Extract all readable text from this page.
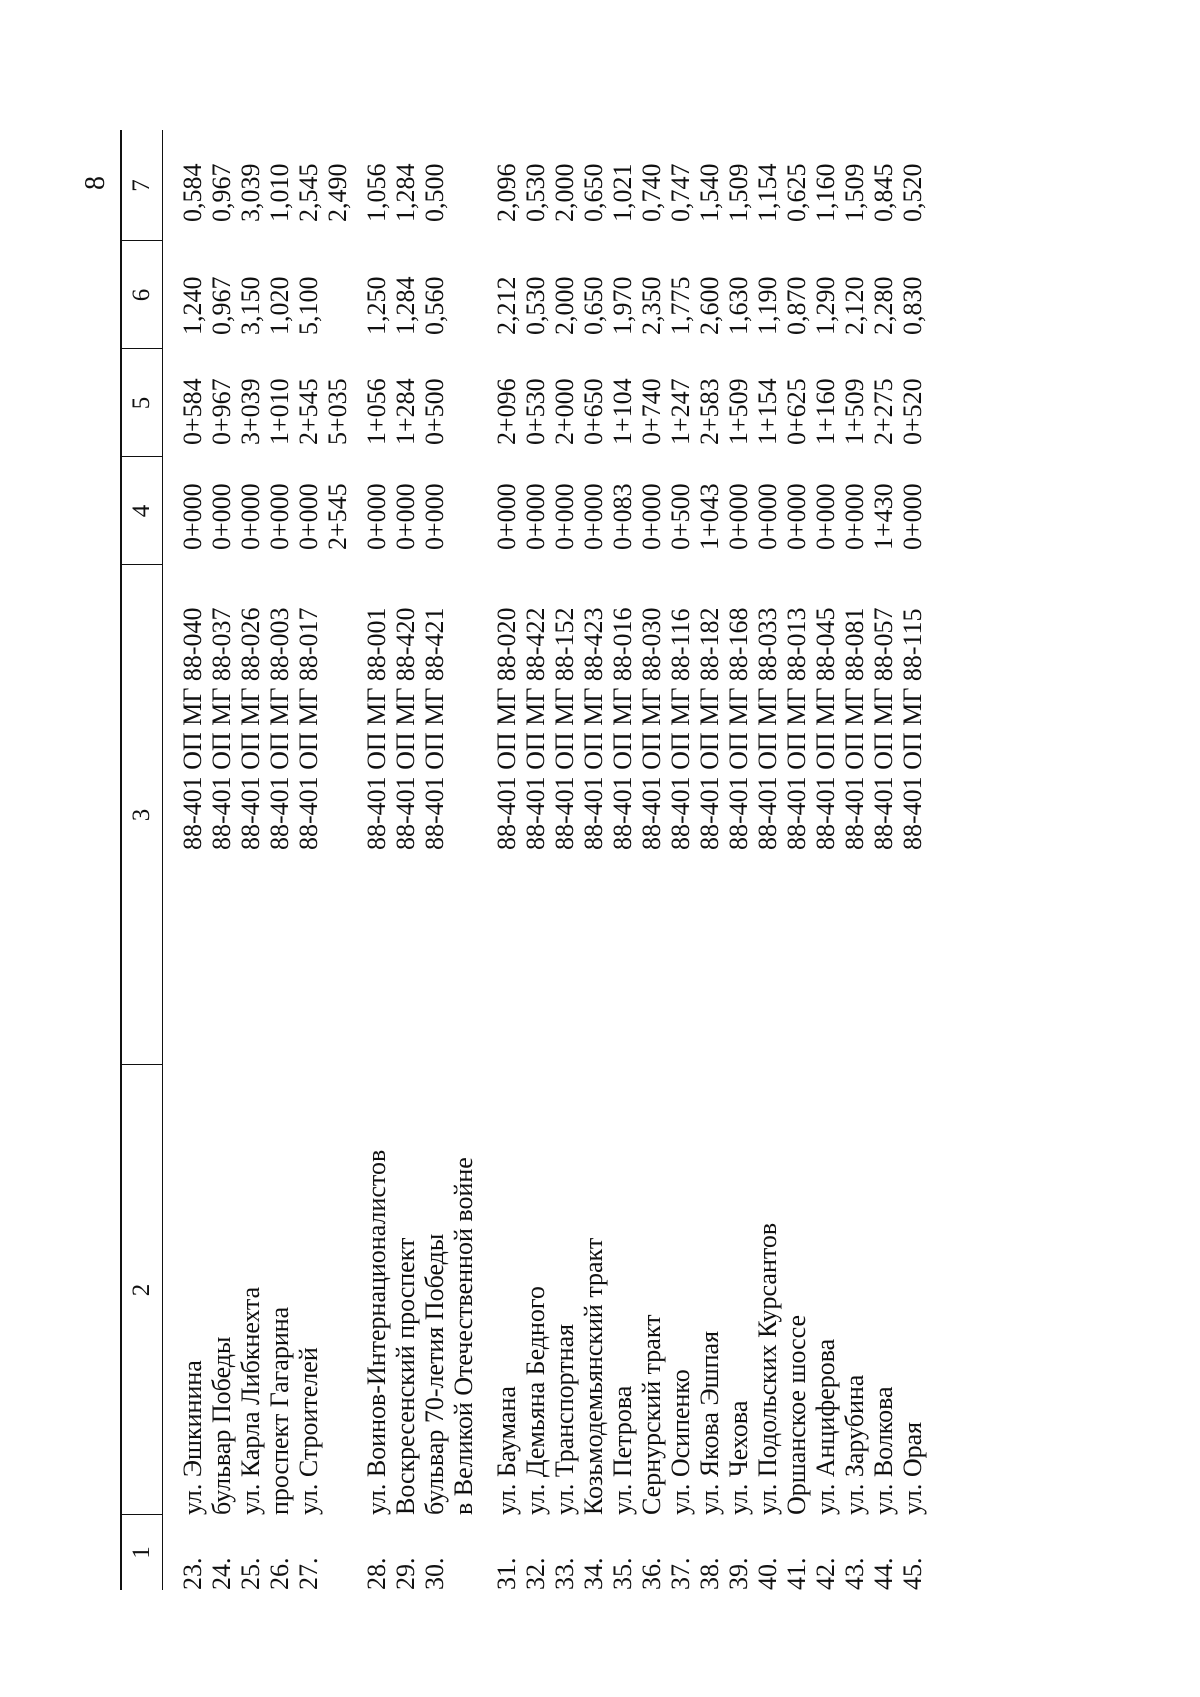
8
1
2
3
4
5
6
7
23.
ул. Эшкинина
88-401 ОП МГ 88-040
0+000
0+584
1,240
0,584
24.
бульвар Победы
88-401 ОП МГ 88-037
0+000
0+967
0,967
0,967
25.
ул. Карла Либкнехта
88-401 ОП МГ 88-026
0+000
3+039
3,150
3,039
26.
проспект Гагарина
88-401 ОП МГ 88-003
0+000
1+010
1,020
1,010
27.
ул. Строителей
88-401 ОП МГ 88-017
0+000
2+545
5,100
2,545
2+545
5+035
2,490
28.
ул. Воинов-Интернационалистов
88-401 ОП МГ 88-001
0+000
1+056
1,250
1,056
29.
Воскресенский проспект
88-401 ОП МГ 88-420
0+000
1+284
1,284
1,284
30.
бульвар 70-летия Победы
88-401 ОП МГ 88-421
0+000
0+500
0,560
0,500
в Великой Отечественной войне
31.
ул. Баумана
88-401 ОП МГ 88-020
0+000
2+096
2,212
2,096
32.
ул. Демьяна Бедного
88-401 ОП МГ 88-422
0+000
0+530
0,530
0,530
33.
ул. Транспортная
88-401 ОП МГ 88-152
0+000
2+000
2,000
2,000
34.
Козьмодемьянский тракт
88-401 ОП МГ 88-423
0+000
0+650
0,650
0,650
35.
ул. Петрова
88-401 ОП МГ 88-016
0+083
1+104
1,970
1,021
36.
Сернурский тракт
88-401 ОП МГ 88-030
0+000
0+740
2,350
0,740
37.
ул. Осипенко
88-401 ОП МГ 88-116
0+500
1+247
1,775
0,747
38.
ул. Якова Эшпая
88-401 ОП МГ 88-182
1+043
2+583
2,600
1,540
39.
ул. Чехова
88-401 ОП МГ 88-168
0+000
1+509
1,630
1,509
40.
ул. Подольских Курсантов
88-401 ОП МГ 88-033
0+000
1+154
1,190
1,154
41.
Оршанское шоссе
88-401 ОП МГ 88-013
0+000
0+625
0,870
0,625
42.
ул. Анциферова
88-401 ОП МГ 88-045
0+000
1+160
1,290
1,160
43.
ул. Зарубина
88-401 ОП МГ 88-081
0+000
1+509
2,120
1,509
44.
ул. Волкова
88-401 ОП МГ 88-057
1+430
2+275
2,280
0,845
45.
ул. Орая
88-401 ОП МГ 88-115
0+000
0+520
0,830
0,520
